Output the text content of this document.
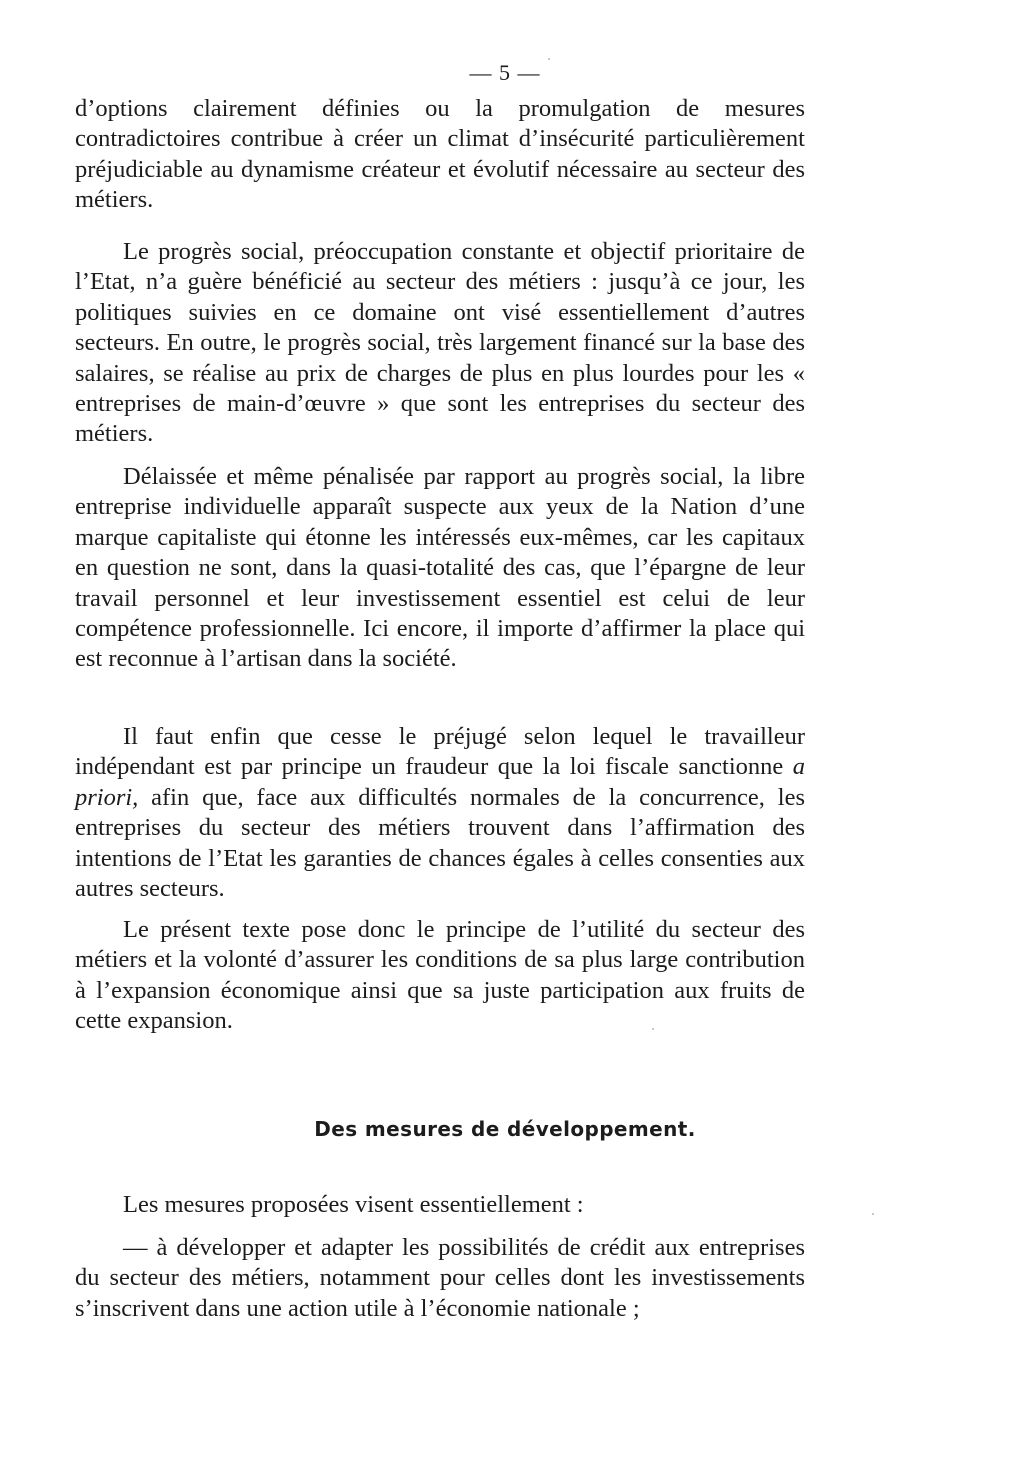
— 5 —

d’options clairement définies ou la promulgation de mesures contradictoires contribue à créer un climat d’insécurité particulièrement préjudiciable au dynamisme créateur et évolutif nécessaire au secteur des métiers.

Le progrès social, préoccupation constante et objectif prioritaire de l’Etat, n’a guère bénéficié au secteur des métiers : jusqu’à ce jour, les politiques suivies en ce domaine ont visé essentiellement d’autres secteurs. En outre, le progrès social, très largement financé sur la base des salaires, se réalise au prix de charges de plus en plus lourdes pour les « entreprises de main-d’œuvre » que sont les entreprises du secteur des métiers.

Délaissée et même pénalisée par rapport au progrès social, la libre entreprise individuelle apparaît suspecte aux yeux de la Nation d’une marque capitaliste qui étonne les intéressés eux-mêmes, car les capitaux en question ne sont, dans la quasi-totalité des cas, que l’épargne de leur travail personnel et leur investissement essentiel est celui de leur compétence professionnelle. Ici encore, il importe d’affirmer la place qui est reconnue à l’artisan dans la société.

Il faut enfin que cesse le préjugé selon lequel le travailleur indépendant est par principe un fraudeur que la loi fiscale sanctionne a priori, afin que, face aux difficultés normales de la concurrence, les entreprises du secteur des métiers trouvent dans l’affirmation des intentions de l’Etat les garanties de chances égales à celles consenties aux autres secteurs.

Le présent texte pose donc le principe de l’utilité du secteur des métiers et la volonté d’assurer les conditions de sa plus large contribution à l’expansion économique ainsi que sa juste participation aux fruits de cette expansion.

Des mesures de développement.

Les mesures proposées visent essentiellement :

— à développer et adapter les possibilités de crédit aux entreprises du secteur des métiers, notamment pour celles dont les investissements s’inscrivent dans une action utile à l’économie nationale ;
